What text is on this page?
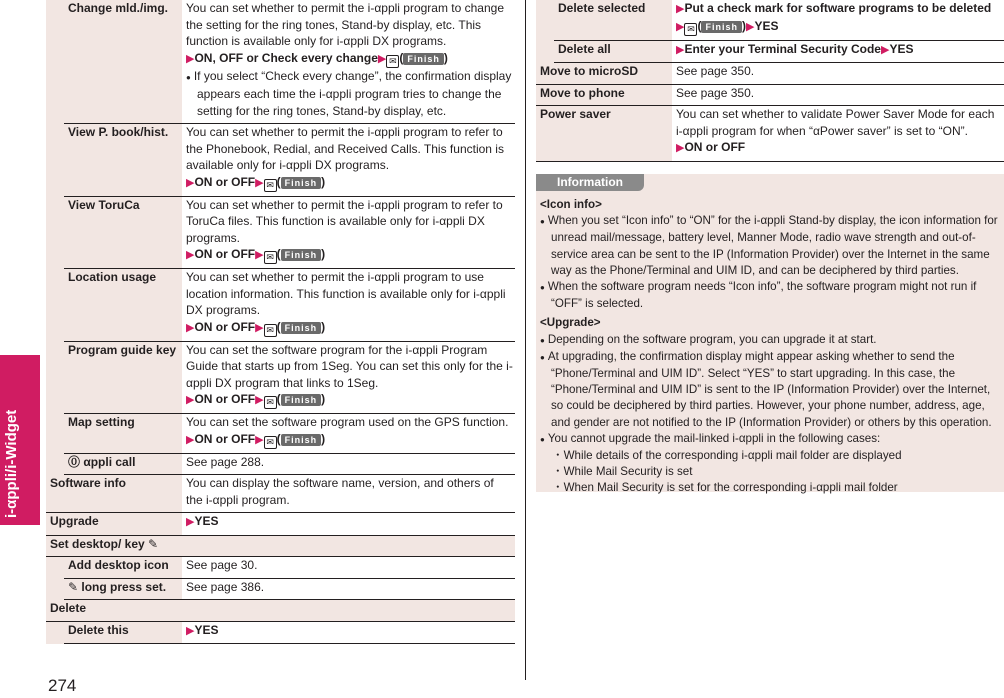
i-αppli/i-Widget
274
	Change mld./img.	You can set whether to permit the i-αppli program to change the setting for the ring tones, Stand-by display, etc. This function is available only for i-αppli DX programs.
▶ON, OFF or Check every change▶ ✉ ( Finish )
● If you select “Check every change”, the confirmation display appears each time the i-αppli program tries to change the setting for the ring tones, Stand-by display, etc.

	View P. book/hist.	You can set whether to permit the i-αppli program to refer to the Phonebook, Redial, and Received Calls. This function is available only for i-αppli DX programs.
▶ON or OFF▶ ✉ ( Finish )

	View ToruCa	You can set whether to permit the i-αppli program to refer to ToruCa files. This function is available only for i-αppli DX programs.
▶ON or OFF▶ ✉ ( Finish )

	Location usage	You can set whether to permit the i-αppli program to use location information. This function is available only for i-αppli DX programs.
▶ON or OFF▶ ✉ ( Finish )

	Program guide key	You can set the software program for the i-αppli Program Guide that starts up from 1Seg. You can set this only for the i-αppli DX program that links to 1Seg.
▶ON or OFF▶ ✉ ( Finish )

	Map setting	You can set the software program used on the GPS function.
▶ON or OFF▶ ✉ ( Finish )

	⓪ αppli call	See page 288.

Software info		You can display the software name, version, and others of the i-αppli program.
Upgrade		▶YES
Set desktop/ key ✎		
	Add desktop icon	See page 30.
	✎ long press set.	See page 386.
Delete		
	Delete this	▶YES
	Delete selected	▶Put a check mark for software programs to be deleted
▶ ✉ ( Finish )▶YES
	Delete all	▶Enter your Terminal Security Code▶YES
Move to microSD		See page 350.

Move to phone		See page 350.

Power saver		You can set whether to validate Power Saver Mode for each i-αppli program for when “αPower saver” is set to “ON”.
▶ON or OFF
Information
<Icon info>
● When you set “Icon info” to “ON” for the i-αppli Stand-by display, the icon information for unread mail/message, battery level, Manner Mode, radio wave strength and out-of-service area can be sent to the IP (Information Provider) over the Internet in the same way as the Phone/Terminal and UIM ID, and can be deciphered by third parties.
● When the software program needs “Icon info”, the software program might not run if “OFF” is selected.
<Upgrade>
● Depending on the software program, you can upgrade it at start.
● At upgrading, the confirmation display might appear asking whether to send the “Phone/Terminal and UIM ID”. Select “YES” to start upgrading. In this case, the “Phone/Terminal and UIM ID” is sent to the IP (Information Provider) over the Internet, so could be deciphered by third parties. However, your phone number, address, age, and gender are not notified to the IP (Information Provider) or others by this operation.
● You cannot upgrade the mail-linked i-αppli in the following cases:
・While details of the corresponding i-αppli mail folder are displayed
・While Mail Security is set
・When Mail Security is set for the corresponding i-αppli mail folder
